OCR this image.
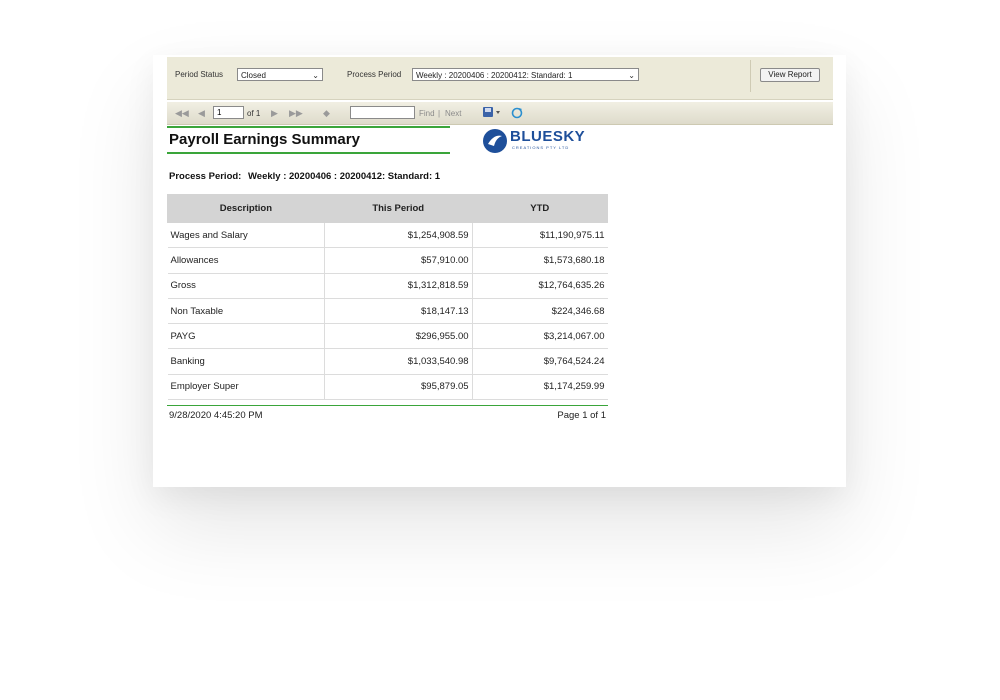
Period Status	Closed	⌄	Process Period	Weekly : 20200406 : 20200412: Standard: 1	⌄	View Report
◀◀ ◀	1	of 1 ▶ ▶▶ ◆	Find | Next
Payroll Earnings Summary	BLUESKY
CREATIONS PTY LTD
Process Period: Weekly : 20200406 : 20200412: Standard: 1
Description	This Period	YTD
Wages and Salary	$1,254,908.59	$11,190,975.11
Allowances	$57,910.00	$1,573,680.18
Gross	$1,312,818.59	$12,764,635.26
Non Taxable	$18,147.13	$224,346.68
PAYG	$296,955.00	$3,214,067.00
Banking	$1,033,540.98	$9,764,524.24
Employer Super	$95,879.05	$1,174,259.99
9/28/2020 4:45:20 PM	Page 1 of 1
